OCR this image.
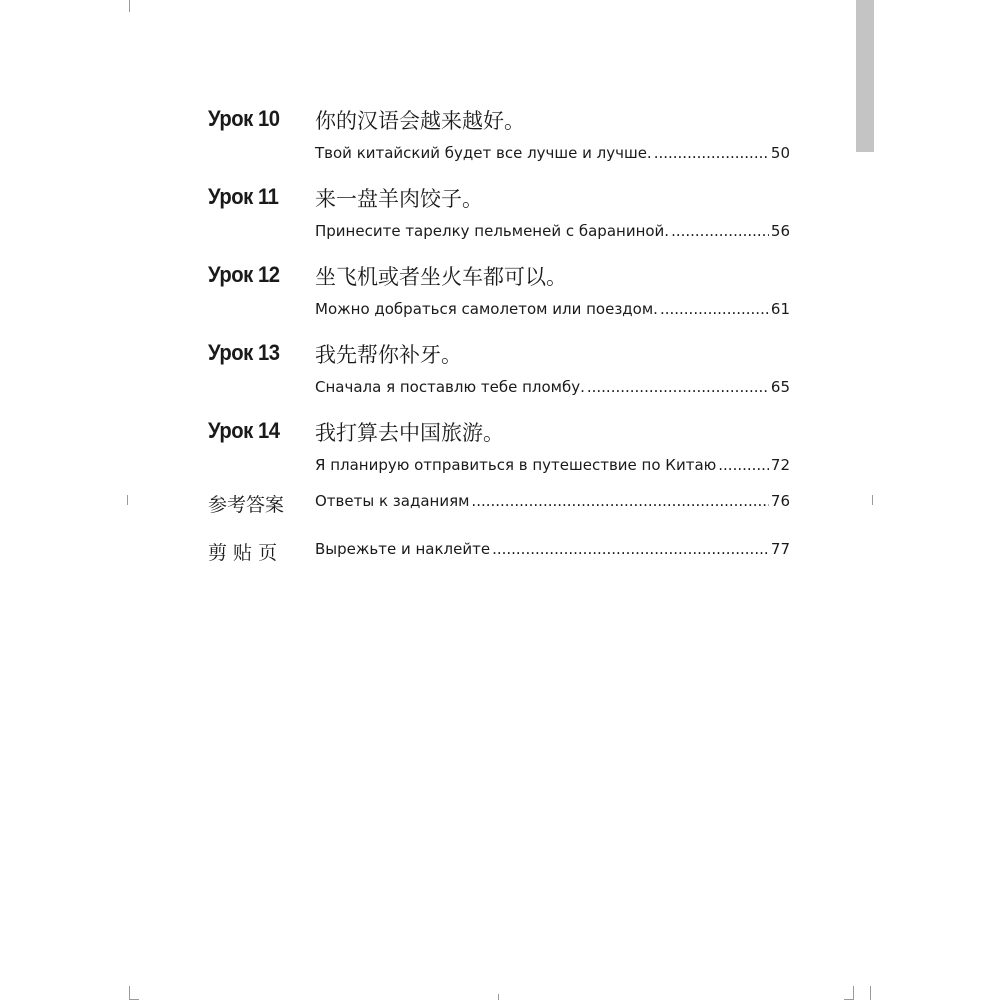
Урок 10 你的汉语会越来越好。
Твой китайский будет все лучше и лучше. .....	50
Урок 11 来一盘羊肉饺子。
Принесите тарелку пельменей с бараниной. .....	56
Урок 12 坐飞机或者坐火车都可以。
Можно добраться самолетом или поездом. .....	61
Урок 13 我先帮你补牙。
Сначала я поставлю тебе пломбу. .....	65
Урок 14 我打算去中国旅游。
Я планирую отправиться в путешествие по Китаю .....	72
参考答案 Ответы к заданиям .....	76
剪 贴 页	Вырежьте и наклейте .....	77
